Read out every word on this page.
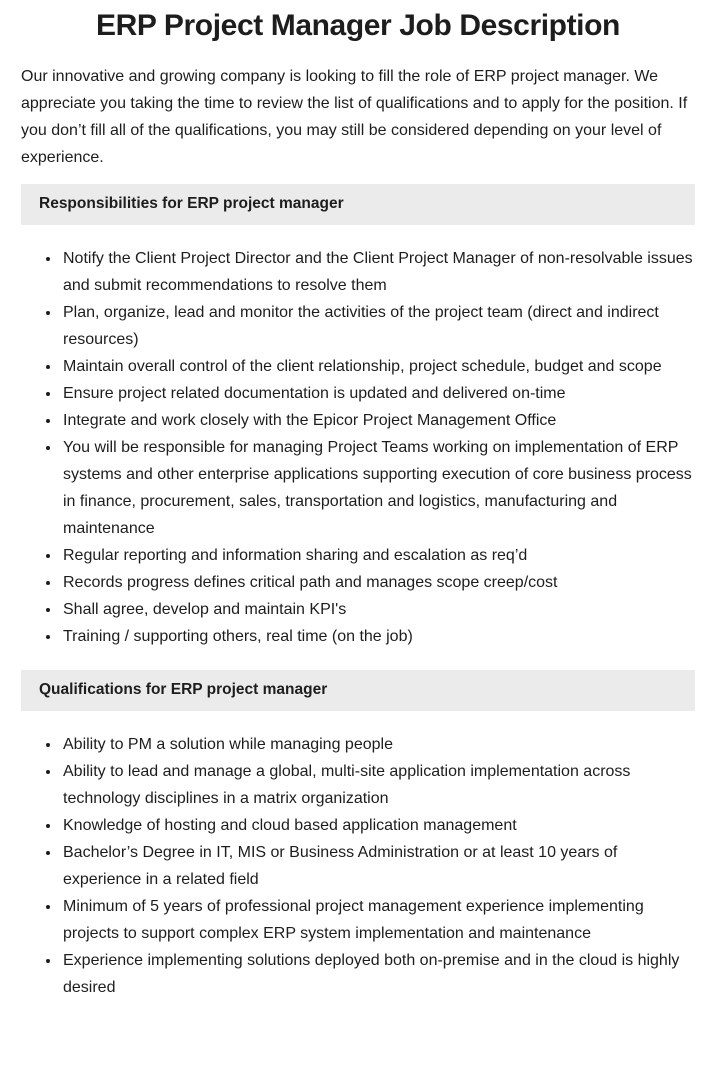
ERP Project Manager Job Description

Our innovative and growing company is looking to fill the role of ERP project manager. We appreciate you taking the time to review the list of qualifications and to apply for the position. If you don’t fill all of the qualifications, you may still be considered depending on your level of experience.

Responsibilities for ERP project manager
• Notify the Client Project Director and the Client Project Manager of non-resolvable issues and submit recommendations to resolve them
• Plan, organize, lead and monitor the activities of the project team (direct and indirect resources)
• Maintain overall control of the client relationship, project schedule, budget and scope
• Ensure project related documentation is updated and delivered on-time
• Integrate and work closely with the Epicor Project Management Office
• You will be responsible for managing Project Teams working on implementation of ERP systems and other enterprise applications supporting execution of core business process in finance, procurement, sales, transportation and logistics, manufacturing and maintenance
• Regular reporting and information sharing and escalation as req’d
• Records progress defines critical path and manages scope creep/cost
• Shall agree, develop and maintain KPI's
• Training / supporting others, real time (on the job)
Qualifications for ERP project manager
• Ability to PM a solution while managing people
• Ability to lead and manage a global, multi-site application implementation across technology disciplines in a matrix organization
• Knowledge of hosting and cloud based application management
• Bachelor’s Degree in IT, MIS or Business Administration or at least 10 years of experience in a related field
• Minimum of 5 years of professional project management experience implementing projects to support complex ERP system implementation and maintenance
• Experience implementing solutions deployed both on-premise and in the cloud is highly desired
